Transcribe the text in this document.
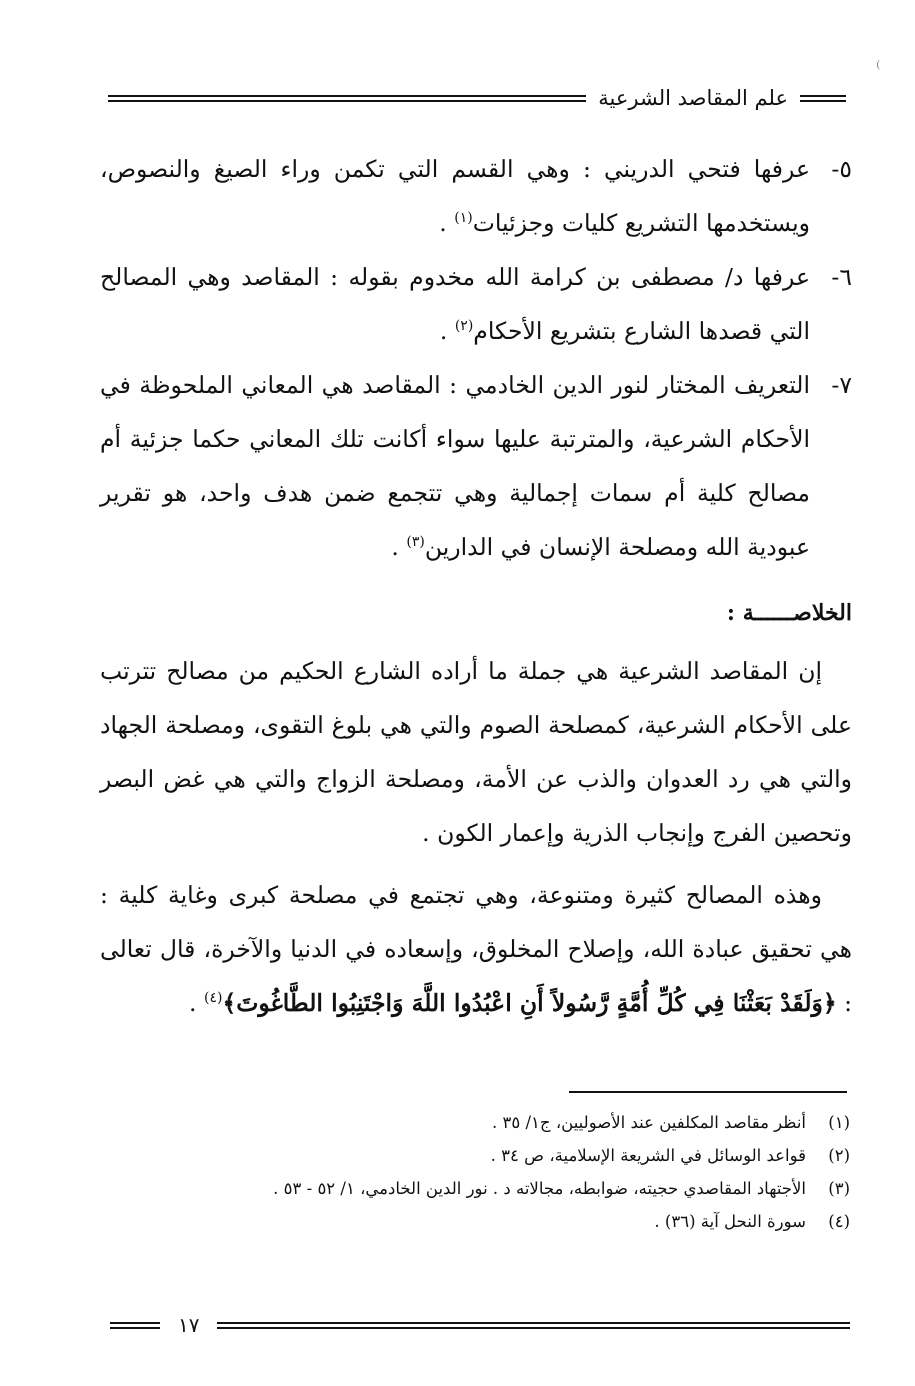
⁾
علم المقاصد الشرعية
٥-
عرفها فتحي الدريني : وهي القسم التي تكمن وراء الصيغ والنصوص، ويستخدمها التشريع كليات وجزئيات$^{(١)}$ .
٦-
عرفها د/ مصطفى بن كرامة الله مخدوم بقوله : المقاصد وهي المصالح التي قصدها الشارع بتشريع الأحكام$^{(٢)}$ .
٧-
التعريف المختار لنور الدين الخادمي : المقاصد هي المعاني الملحوظة في الأحكام الشرعية، والمترتبة عليها سواء أكانت تلك المعاني حكما جزئية أم مصالح كلية أم سمات إجمالية وهي تتجمع ضمن هدف واحد، هو تقرير عبودية الله ومصلحة الإنسان في الدارين$^{(٣)}$ .
الخلاصــــــة :

إن المقاصد الشرعية هي جملة ما أراده الشارع الحكيم من مصالح تترتب على الأحكام الشرعية، كمصلحة الصوم والتي هي بلوغ التقوى، ومصلحة الجهاد والتي هي رد العدوان والذب عن الأمة، ومصلحة الزواج والتي هي غض البصر وتحصين الفرج وإنجاب الذرية وإعمار الكون .

وهذه المصالح كثيرة ومتنوعة، وهي تجتمع في مصلحة كبرى وغاية كلية : هي تحقيق عبادة الله، وإصلاح المخلوق، وإسعاده في الدنيا والآخرة، قال تعالى : ﴿وَلَقَدْ بَعَثْنَا فِي كُلِّ أُمَّةٍ رَّسُولاً أَنِ اعْبُدُوا اللَّهَ وَاجْتَنِبُوا الطَّاغُوتَ﴾$^{(٤)}$ .

(١)
أنظر مقاصد المكلفين عند الأصوليين، ج١/ ٣٥ .
(٢)
قواعد الوسائل في الشريعة الإسلامية، ص ٣٤ .
(٣)
الأجتهاد المقاصدي حجيته، ضوابطه، مجالاته د . نور الدين الخادمي، ١/ ٥٢ - ٥٣ .
(٤)
سورة النحل آية (٣٦) .
١٧
